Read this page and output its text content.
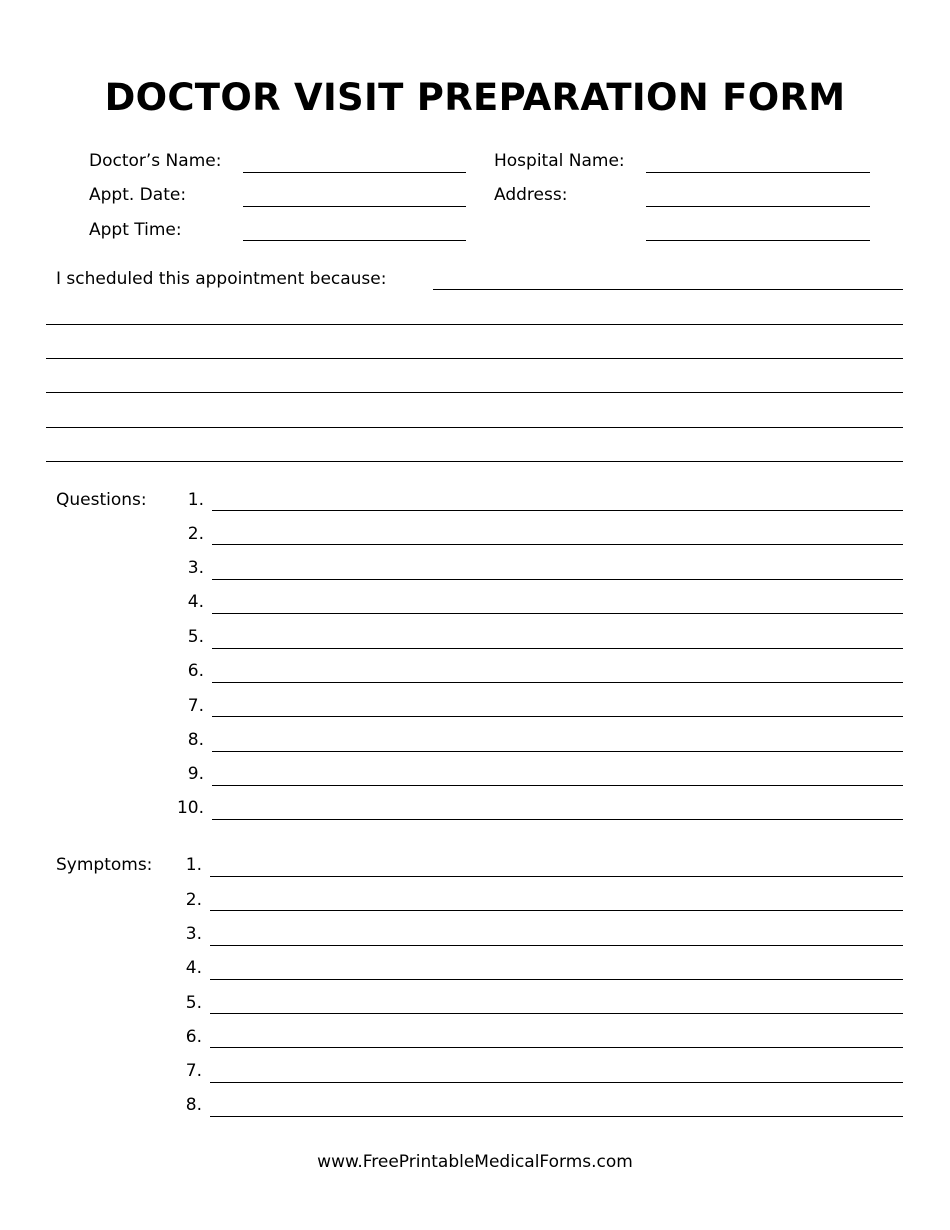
DOCTOR VISIT PREPARATION FORM
Doctor’s Name:
Appt. Date:
Appt Time:
Hospital Name:
Address:
I scheduled this appointment because:
Questions:	1.
2.
3.
4.
5.
6.
7.
8.
9.
10.
Symptoms:	1.
2.
3.
4.
5.
6.
7.
8.
www.FreePrintableMedicalForms.com
